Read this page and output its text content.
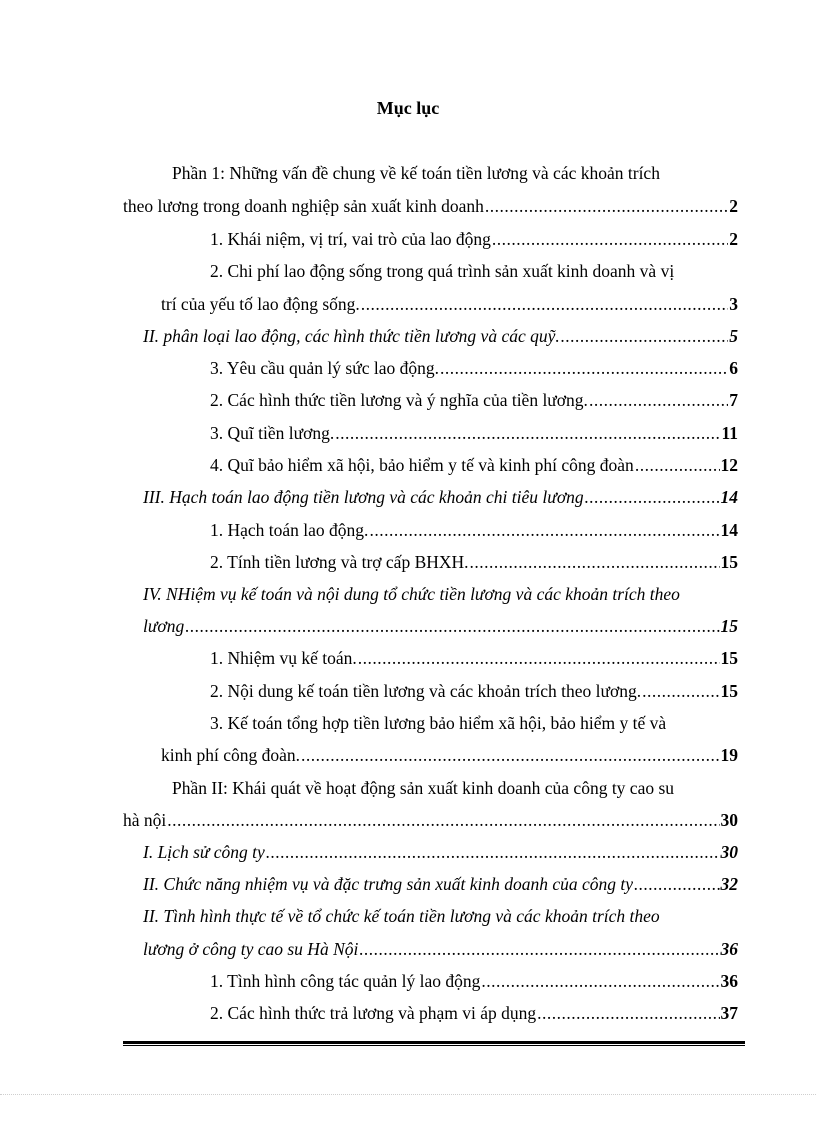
Mục lục
Phần 1: Những vấn đề chung về kế toán tiền lương và các khoản trích
theo lương trong doanh nghiệp sản xuất kinh doanh .....	2
1. Khái niệm, vị trí, vai trò của lao động .....	2
2. Chi phí lao động sống trong quá trình sản xuất kinh doanh và vị
trí của yếu tố lao động sống. .....	3
II. phân loại lao động, các hình thức tiền lương và các quỹ. .....	5
3. Yêu cầu quản lý sức lao động. .....	6
2. Các hình thức tiền lương và ý nghĩa của tiền lương. .....	7
3. Quĩ tiền lương. .....	11
4. Quĩ bảo hiểm xã hội, bảo hiểm y tế và kinh phí công đoàn .....	12
III. Hạch toán lao động tiền lương và các khoản chi tiêu lương .....	14
1. Hạch toán lao động. .....	14
2. Tính tiền lương và trợ cấp BHXH. .....	15
IV. NHiệm vụ kế toán và nội dung tổ chức tiền lương và các khoản trích theo
lương .....	15
1. Nhiệm vụ kế toán. .....	15
2. Nội dung kế toán tiền lương và các khoản trích theo lương. .....	15
3. Kế toán tổng hợp tiền lương bảo hiểm xã hội, bảo hiểm y tế và
kinh phí công đoàn. .....	19
Phần II: Khái quát về hoạt động sản xuất kinh doanh của công ty cao su
hà nội .....	30
I. Lịch sử công ty .....	30
II. Chức năng nhiệm vụ và đặc trưng sản xuất kinh doanh của công ty .....	32
II. Tình hình thực tế về tổ chức kế toán tiền lương và các khoản trích theo
lương ở công ty cao su Hà Nội .....	36
1. Tình hình công tác quản lý lao động .....	36
2. Các hình thức trả lương và phạm vi áp dụng .....	37
